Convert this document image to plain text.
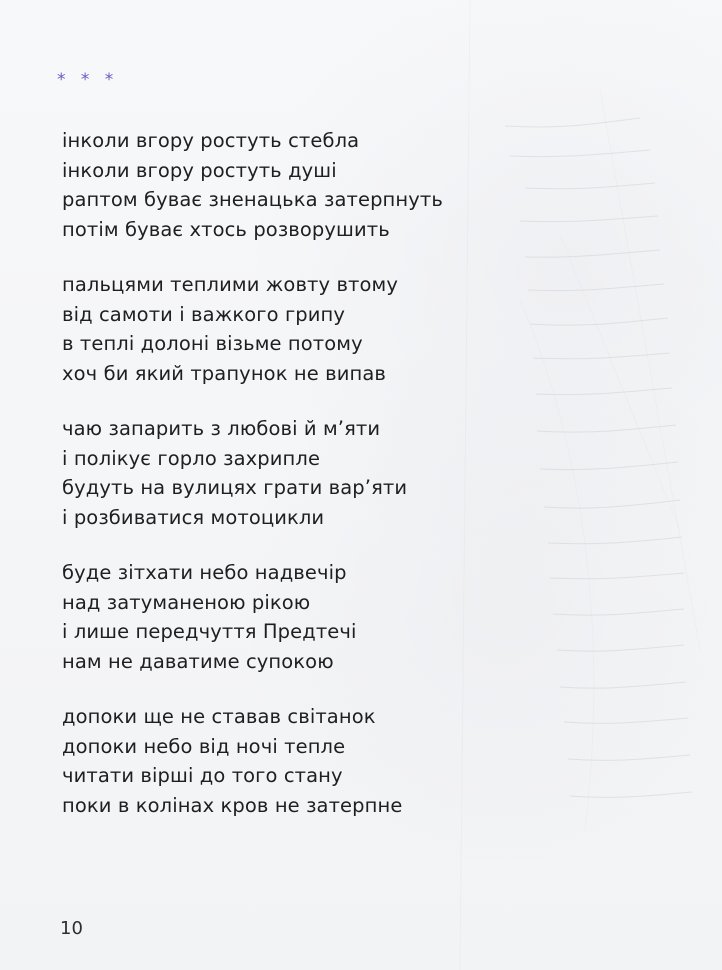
* * *
інколи вгору ростуть стебла
інколи вгору ростуть душі
раптом буває зненацька затерпнуть
потім буває хтось розворушить
пальцями теплими жовту втому
від самоти і важкого грипу
в теплі долоні візьме потому
хоч би який трапунок не випав
чаю запарить з любові й м’яти
і полікує горло захрипле
будуть на вулицях грати вар’яти
і розбиватися мотоцикли
буде зітхати небо надвечір
над затуманеною рікою
і лише передчуття Предтечі
нам не даватиме супокою
допоки ще не ставав світанок
допоки небо від ночі тепле
читати вірші до того стану
поки в колінах кров не затерпне
10
